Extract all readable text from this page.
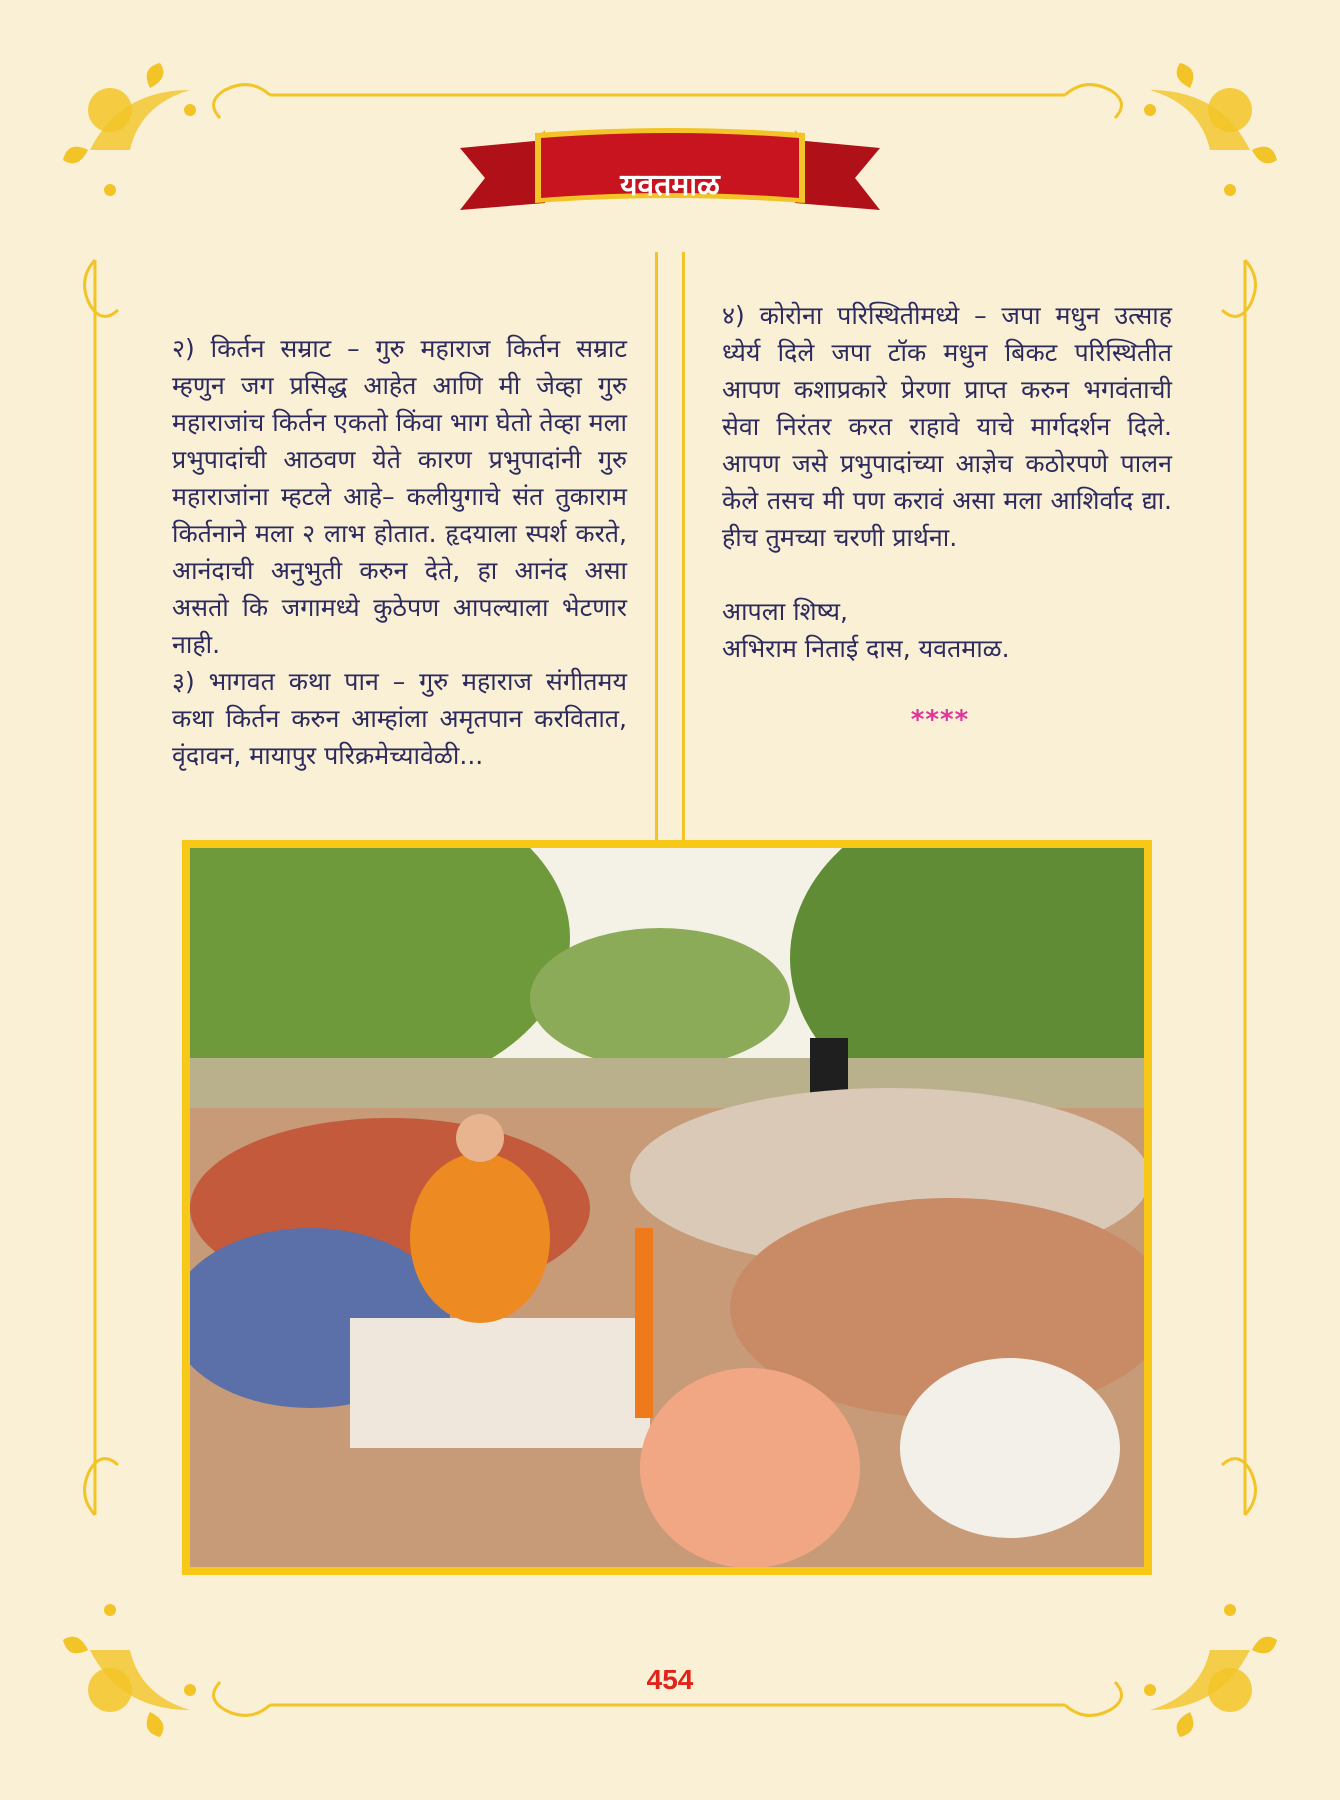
यवतमाळ

२) किर्तन सम्राट – गुरु महाराज किर्तन सम्राट म्हणुन जग प्रसिद्ध आहेत आणि मी जेव्हा गुरु महाराजांच किर्तन एकतो किंवा भाग घेतो तेव्हा मला प्रभुपादांची आठवण येते कारण प्रभुपादांनी गुरु महाराजांना म्हटले आहे– कलीयुगाचे संत तुकाराम किर्तनाने मला २ लाभ होतात. हृदयाला स्पर्श करते, आनंदाची अनुभुती करुन देते, हा आनंद असा असतो कि जगामध्ये कुठेपण आपल्याला भेटणार नाही.

३) भागवत कथा पान – गुरु महाराज संगीतमय कथा किर्तन करुन आम्हांला अमृतपान करवितात, वृंदावन, मायापुर परिक्रमेच्यावेळी...

४) कोरोना परिस्थितीमध्ये – जपा मधुन उत्साह ध्येर्य दिले जपा टॉक मधुन बिकट परिस्थितीत आपण कशाप्रकारे प्रेरणा प्राप्त करुन भगवंताची सेवा निरंतर करत राहावे याचे मार्गदर्शन दिले. आपण जसे प्रभुपादांच्या आज्ञेच कठोरपणे पालन केले तसच मी पण करावं असा मला आशिर्वाद द्या. हीच तुमच्या चरणी प्रार्थना.

आपला शिष्य,

अभिराम निताई दास, यवतमाळ.

****
454
